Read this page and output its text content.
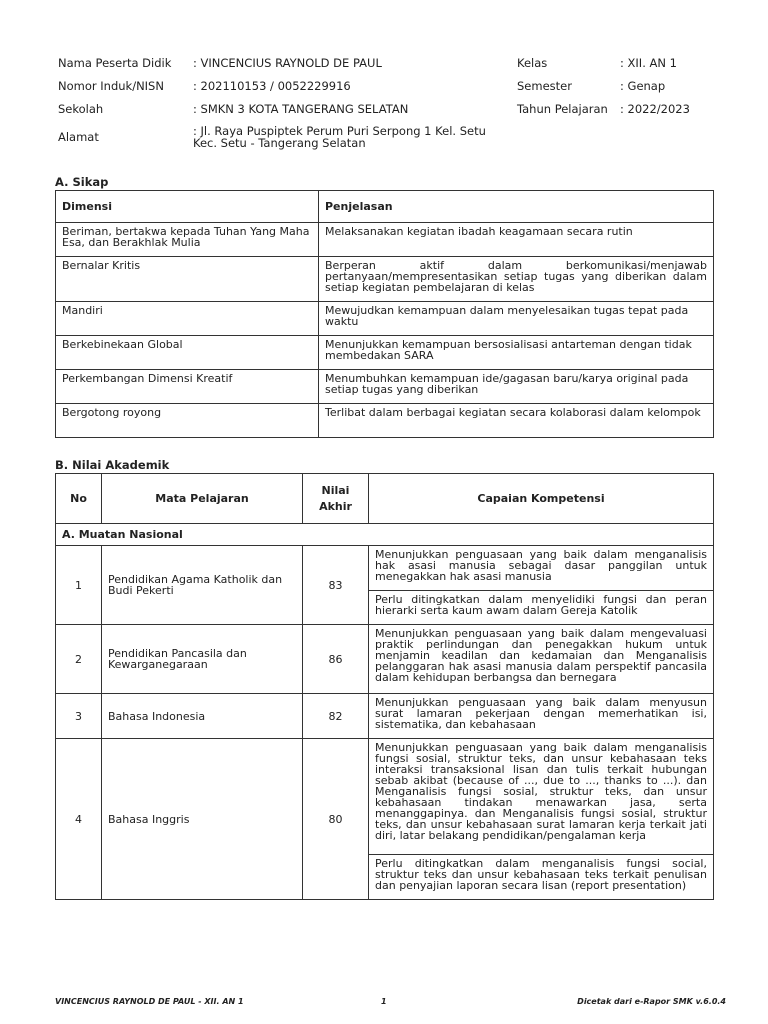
Nama Peserta Didik : VINCENCIUS RAYNOLD DE PAUL	Kelas	: XII. AN 1
Nomor Induk/NISN	: 202110153 / 0052229916	Semester	: Genap
Sekolah	: SMKN 3 KOTA TANGERANG SELATAN	Tahun Pelajaran : 2022/2023
Alamat	: Jl. Raya Puspiptek Perum Puri Serpong 1 Kel. Setu Kec. Setu - Tangerang Selatan
A. Sikap
Dimensi	Penjelasan
Beriman, bertakwa kepada Tuhan Yang Maha Esa, dan Berakhlak Mulia	Melaksanakan kegiatan ibadah keagamaan secara rutin
Bernalar Kritis	Berperan aktif dalam berkomunikasi/menjawab pertanyaan/mempresentasikan setiap tugas yang diberikan dalam setiap kegiatan pembelajaran di kelas
Mandiri	Mewujudkan kemampuan dalam menyelesaikan tugas tepat pada waktu
Berkebinekaan Global	Menunjukkan kemampuan bersosialisasi antarteman dengan tidak membedakan SARA
Perkembangan Dimensi Kreatif	Menumbuhkan kemampuan ide/gagasan baru/karya original pada setiap tugas yang diberikan
Bergotong royong	Terlibat dalam berbagai kegiatan secara kolaborasi dalam kelompok
B. Nilai Akademik
No	Mata Pelajaran	Nilai Akhir	Capaian Kompetensi
A. Muatan Nasional			
1	Pendidikan Agama Katholik dan Budi Pekerti	83	Menunjukkan penguasaan yang baik dalam menganalisis hak asasi manusia sebagai dasar panggilan untuk menegakkan hak asasi manusia
			Perlu ditingkatkan dalam menyelidiki fungsi dan peran hierarki serta kaum awam dalam Gereja Katolik
2	Pendidikan Pancasila dan Kewarganegaraan	86	Menunjukkan penguasaan yang baik dalam mengevaluasi praktik perlindungan dan penegakkan hukum untuk menjamin keadilan dan kedamaian dan Menganalisis pelanggaran hak asasi manusia dalam perspektif pancasila dalam kehidupan berbangsa dan bernegara
3	Bahasa Indonesia	82	Menunjukkan penguasaan yang baik dalam menyusun surat lamaran pekerjaan dengan memerhatikan isi, sistematika, dan kebahasaan
4	Bahasa Inggris	80	Menunjukkan penguasaan yang baik dalam menganalisis fungsi sosial, struktur teks, dan unsur kebahasaan teks interaksi transaksional lisan dan tulis terkait hubungan sebab akibat (because of ..., due to ..., thanks to ...). dan Menganalisis fungsi sosial, struktur teks, dan unsur kebahasaan tindakan menawarkan jasa, serta menanggapinya. dan Menganalisis fungsi sosial, struktur teks, dan unsur kebahasaan surat lamaran kerja terkait jati diri, latar belakang pendidikan/pengalaman kerja
			Perlu ditingkatkan dalam menganalisis fungsi social, struktur teks dan unsur kebahasaan teks terkait penulisan dan penyajian laporan secara lisan (report presentation)
VINCENCIUS RAYNOLD DE PAUL - XII. AN 1	1	Dicetak dari e-Rapor SMK v.6.0.4
